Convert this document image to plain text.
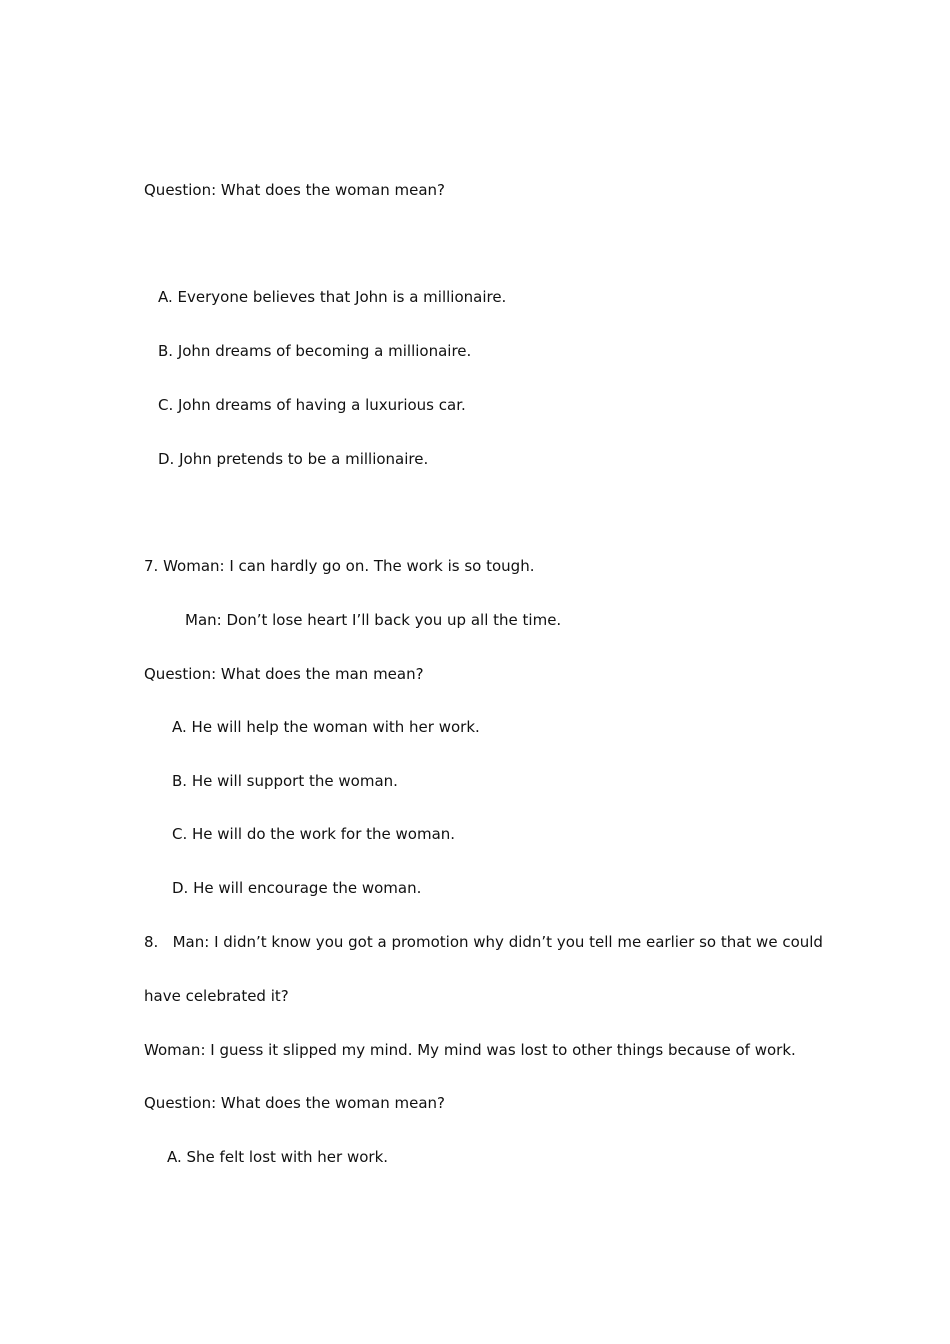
Question: What does the woman mean?
A. Everyone believes that John is a millionaire.
B. John dreams of becoming a millionaire.
C. John dreams of having a luxurious car.
D. John pretends to be a millionaire.
7. Woman: I can hardly go on. The work is so tough.
Man: Don’t lose heart I’ll back you up all the time.
Question: What does the man mean?
A. He will help the woman with her work.
B. He will support the woman.
C. He will do the work for the woman.
D. He will encourage the woman.
8.   Man: I didn’t know you got a promotion why didn’t you tell me earlier so that we could
have celebrated it?
Woman: I guess it slipped my mind. My mind was lost to other things because of work.
Question: What does the woman mean?
A. She felt lost with her work.
